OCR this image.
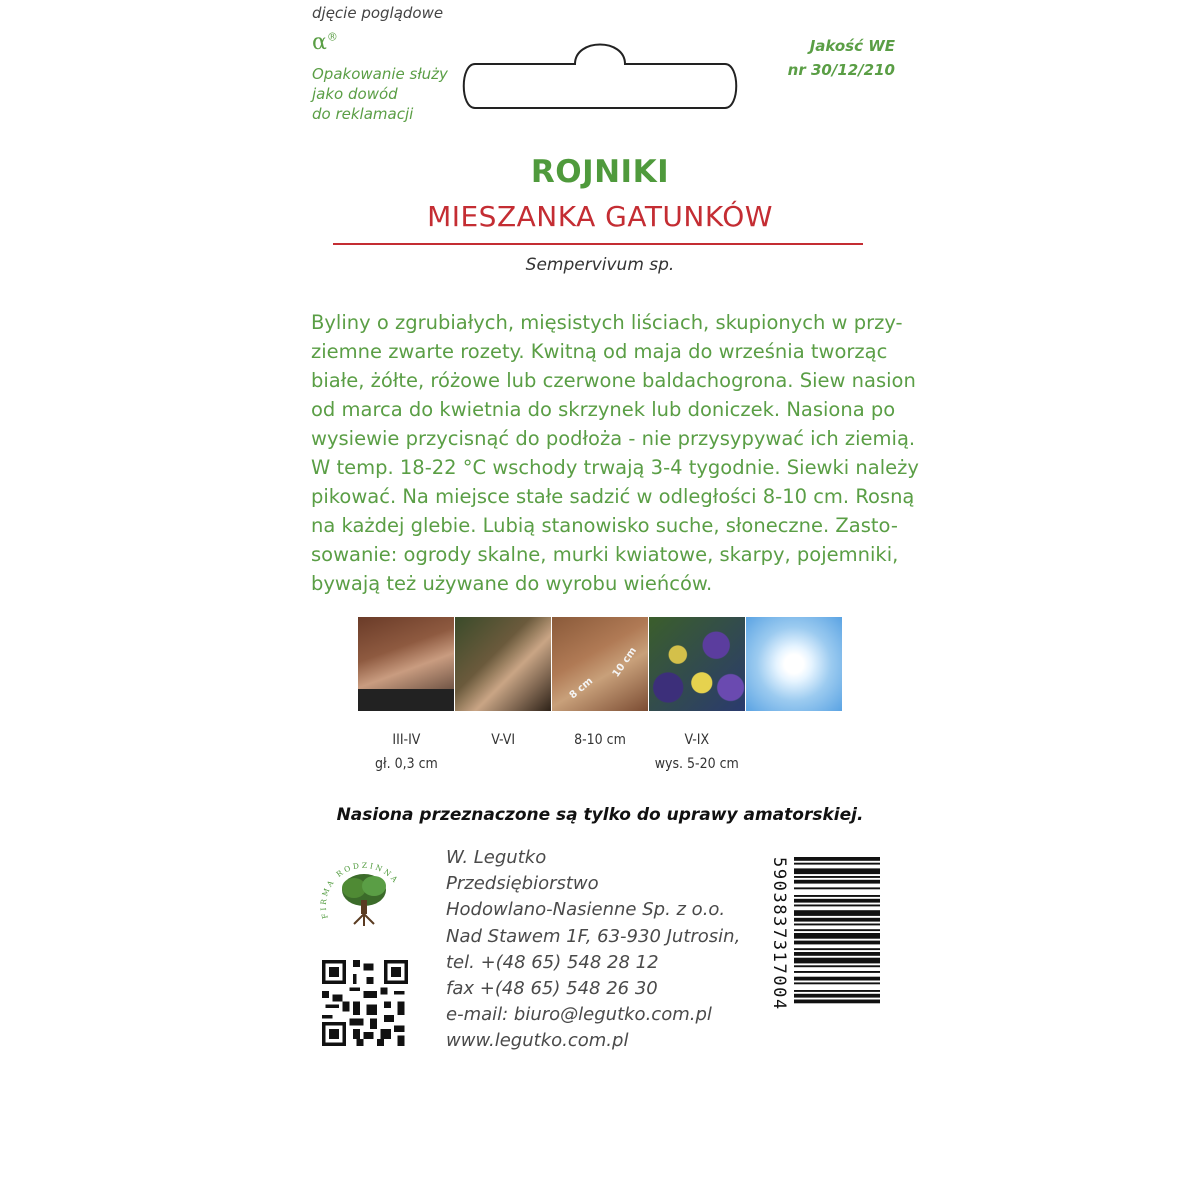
djęcie poglądowe
α®
Opakowanie służy
jako dowód
do reklamacji
Jakość WE
nr 30/12/210
ROJNIKI
MIESZANKA GATUNKÓW
Sempervivum sp.
Byliny o zgrubiałych, mięsistych liściach, skupionych w przy-
ziemne zwarte rozety. Kwitną od maja do września tworząc
białe, żółte, różowe lub czerwone baldachogrona. Siew nasion
od marca do kwietnia do skrzynek lub doniczek. Nasiona po
wysiewie przycisnąć do podłoża - nie przysypywać ich ziemią.
W temp. 18-22 °C wschody trwają 3-4 tygodnie. Siewki należy
pikować. Na miejsce stałe sadzić w odległości 8-10 cm. Rosną
na każdej glebie. Lubią stanowisko suche, słoneczne. Zasto-
sowanie: ogrody skalne, murki kwiatowe, skarpy, pojemniki,
bywają też używane do wyrobu wieńców.
8 cm
10 cm
III-IV
gł. 0,3 cm
V-VI	8-10 cm	V-IX
wys. 5-20 cm
Nasiona przeznaczone są tylko do uprawy amatorskiej.
FIRMA RODZINNA
W. Legutko
Przedsiębiorstwo
Hodowlano-Nasienne Sp. z o.o.
Nad Stawem 1F, 63-930 Jutrosin,
tel. +(48 65) 548 28 12
fax +(48 65) 548 26 30
e-mail: biuro@legutko.com.pl
www.legutko.com.pl
5903837317004
